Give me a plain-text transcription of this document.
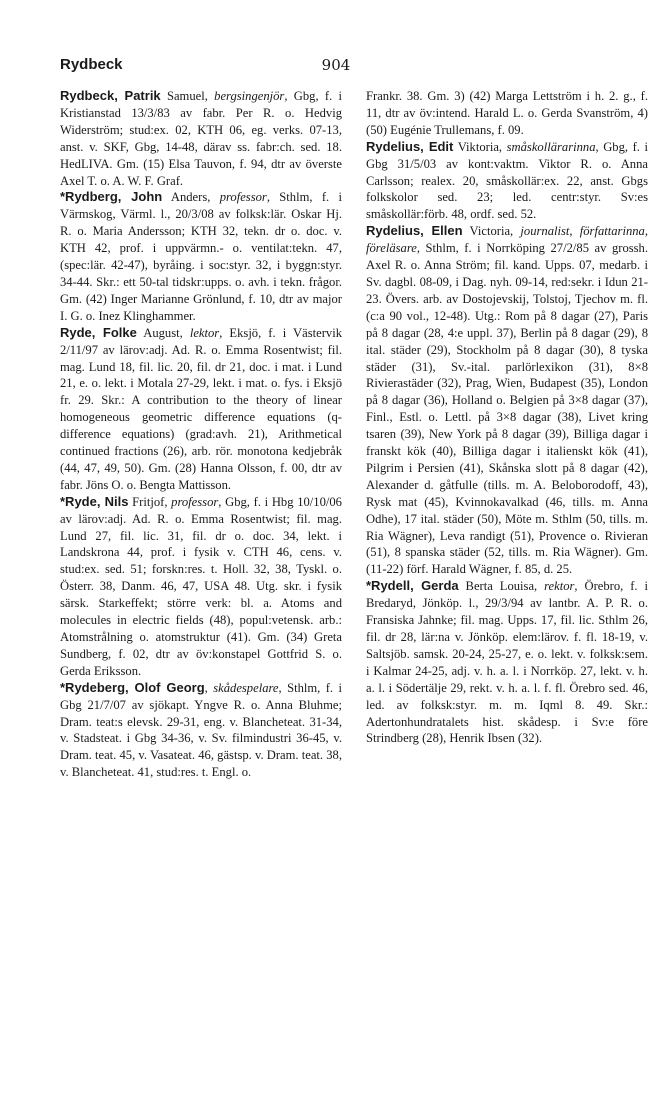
Rydbeck	904

Rydbeck, Patrik Samuel, bergsingenjör, Gbg, f. i Kristianstad 13/3/83 av fabr. Per R. o. Hedvig Widerström; stud:ex. 02, KTH 06, eg. verks. 07-13, anst. v. SKF, Gbg, 14-48, därav ss. fabr:ch. sed. 18. HedLIVA. Gm. (15) Elsa Tauvon, f. 94, dtr av överste Axel T. o. A. W. F. Graf.

*Rydberg, John Anders, professor, Sthlm, f. i Värmskog, Värml. l., 20/3/08 av folksk:lär. Oskar Hj. R. o. Maria Andersson; KTH 32, tekn. dr o. doc. v. KTH 42, prof. i uppvärmn.- o. ventilat:tekn. 47, (spec:lär. 42-47), byråing. i soc:styr. 32, i byggn:styr. 34-44. Skr.: ett 50-tal tidskr:upps. o. avh. i tekn. frågor. Gm. (42) Inger Marianne Grönlund, f. 10, dtr av major I. G. o. Inez Klinghammer.

Ryde, Folke August, lektor, Eksjö, f. i Västervik 2/11/97 av lärov:adj. Ad. R. o. Emma Rosentwist; fil. mag. Lund 18, fil. lic. 20, fil. dr 21, doc. i mat. i Lund 21, e. o. lekt. i Motala 27-29, lekt. i mat. o. fys. i Eksjö fr. 29. Skr.: A contribution to the theory of linear homogeneous geometric difference equations (q-difference equations) (grad:avh. 21), Arithmetical continued fractions (26), arb. rör. monotona kedjebråk (44, 47, 49, 50). Gm. (28) Hanna Olsson, f. 00, dtr av fabr. Jöns O. o. Bengta Mattisson.

*Ryde, Nils Fritjof, professor, Gbg, f. i Hbg 10/10/06 av lärov:adj. Ad. R. o. Emma Rosentwist; fil. mag. Lund 27, fil. lic. 31, fil. dr o. doc. 34, lekt. i Landskrona 44, prof. i fysik v. CTH 46, cens. v. stud:ex. sed. 51; forskn:res. t. Holl. 32, 38, Tyskl. o. Österr. 38, Danm. 46, 47, USA 48. Utg. skr. i fysik särsk. Starkeffekt; större verk: bl. a. Atoms and molecules in electric fields (48), popul:vetensk. arb.: Atomstrålning o. atomstruktur (41). Gm. (34) Greta Sundberg, f. 02, dtr av öv:konstapel Gottfrid S. o. Gerda Eriksson.

*Rydeberg, Olof Georg, skådespelare, Sthlm, f. i Gbg 21/7/07 av sjökapt. Yngve R. o. Anna Bluhme; Dram. teat:s elevsk. 29-31, eng. v. Blancheteat. 31-34, v. Stadsteat. i Gbg 34-36, v. Sv. filmindustri 36-45, v. Dram. teat. 45, v. Vasateat. 46, gästsp. v. Dram. teat. 38, v. Blancheteat. 41, stud:res. t. Engl. o.

Frankr. 38. Gm. 3) (42) Marga Lettström i h. 2. g., f. 11, dtr av öv:intend. Harald L. o. Gerda Svanström, 4) (50) Eugénie Trullemans, f. 09.

Rydelius, Edit Viktoria, småskollärarinna, Gbg, f. i Gbg 31/5/03 av kont:vaktm. Viktor R. o. Anna Carlsson; realex. 20, småskollär:ex. 22, anst. Gbgs folkskolor sed. 23; led. centr:styr. Sv:es småskollär:förb. 48, ordf. sed. 52.

Rydelius, Ellen Victoria, journalist, författarinna, föreläsare, Sthlm, f. i Norrköping 27/2/85 av grossh. Axel R. o. Anna Ström; fil. kand. Upps. 07, medarb. i Sv. dagbl. 08-09, i Dag. nyh. 09-14, red:sekr. i Idun 21-23. Övers. arb. av Dostojevskij, Tolstoj, Tjechov m. fl. (c:a 90 vol., 12-48). Utg.: Rom på 8 dagar (27), Paris på 8 dagar (28, 4:e uppl. 37), Berlin på 8 dagar (29), 8 ital. städer (29), Stockholm på 8 dagar (30), 8 tyska städer (31), Sv.-ital. parlörlexikon (31), 8×8 Rivierastäder (32), Prag, Wien, Budapest (35), London på 8 dagar (36), Holland o. Belgien på 3×8 dagar (37), Finl., Estl. o. Lettl. på 3×8 dagar (38), Livet kring tsaren (39), New York på 8 dagar (39), Billiga dagar i franskt kök (40), Billiga dagar i italienskt kök (41), Pilgrim i Persien (41), Skånska slott på 8 dagar (42), Alexander d. gåtfulle (tills. m. A. Beloborodoff, 43), Rysk mat (45), Kvinnokavalkad (46, tills. m. Anna Odhe), 17 ital. städer (50), Möte m. Sthlm (50, tills. m. Ria Wägner), Leva randigt (51), Provence o. Rivieran (51), 8 spanska städer (52, tills. m. Ria Wägner). Gm. (11-22) förf. Harald Wägner, f. 85, d. 25.

*Rydell, Gerda Berta Louisa, rektor, Örebro, f. i Bredaryd, Jönköp. l., 29/3/94 av lantbr. A. P. R. o. Fransiska Jahnke; fil. mag. Upps. 17, fil. lic. Sthlm 26, fil. dr 28, lär:na v. Jönköp. elem:lärov. f. fl. 18-19, v. Saltsjöb. samsk. 20-24, 25-27, e. o. lekt. v. folksk:sem. i Kalmar 24-25, adj. v. h. a. l. i Norrköp. 27, lekt. v. h. a. l. i Södertälje 29, rekt. v. h. a. l. f. fl. Örebro sed. 46, led. av folksk:styr. m. m. Iqml 8. 49. Skr.: Adertonhundratalets hist. skådesp. i Sv:e före Strindberg (28), Henrik Ibsen (32).
